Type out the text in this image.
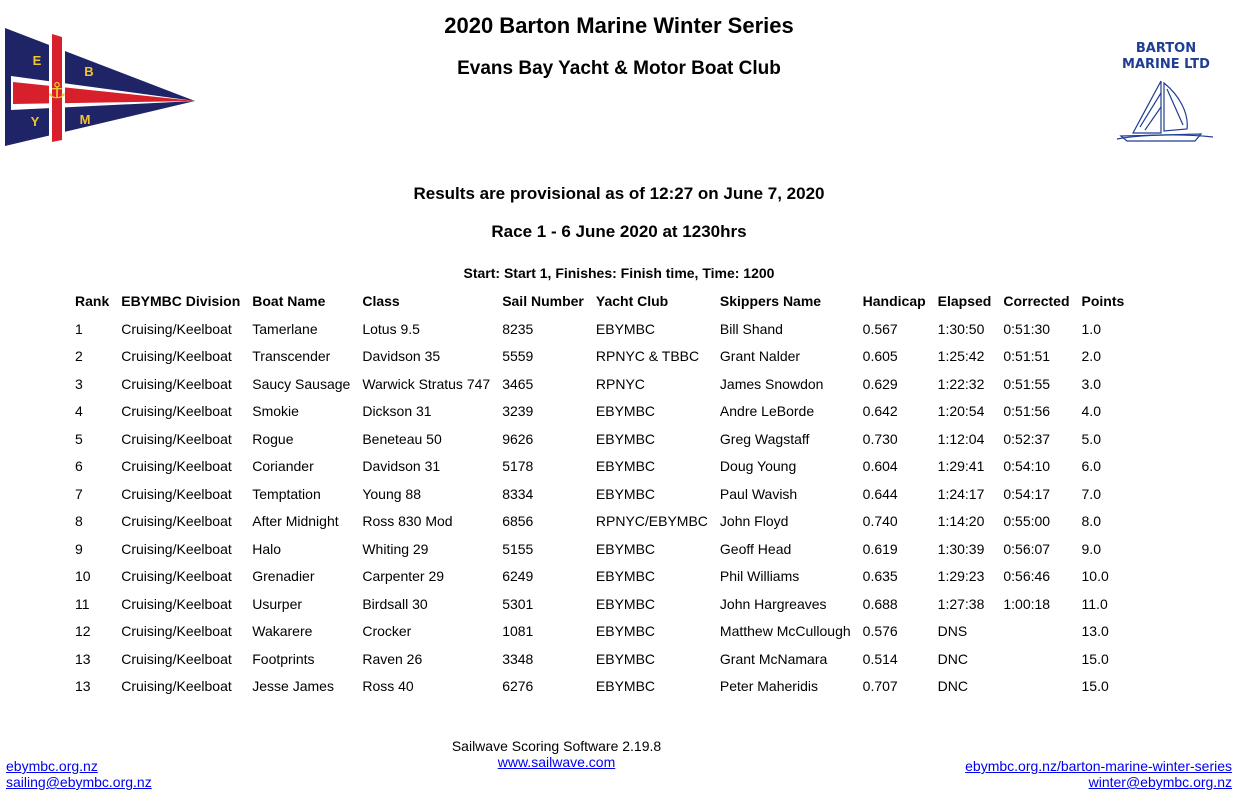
⚓
E
B
Y	M
BARTON
MARINE LTD
2020 Barton Marine Winter Series
Evans Bay Yacht & Motor Boat Club
Results are provisional as of 12:27 on June 7, 2020
Race 1 - 6 June 2020 at 1230hrs
Start: Start 1, Finishes: Finish time, Time: 1200
Rank	EBYMBC Division	Boat Name	Class	Sail Number	Yacht Club	Skippers Name	Handicap	Elapsed	Corrected	Points
1	Cruising/Keelboat	Tamerlane	Lotus 9.5	8235	EBYMBC	Bill Shand	0.567	1:30:50	0:51:30	1.0
2	Cruising/Keelboat	Transcender	Davidson 35	5559	RPNYC & TBBC	Grant Nalder	0.605	1:25:42	0:51:51	2.0
3	Cruising/Keelboat	Saucy Sausage	Warwick Stratus 747	3465	RPNYC	James Snowdon	0.629	1:22:32	0:51:55	3.0
4	Cruising/Keelboat	Smokie	Dickson 31	3239	EBYMBC	Andre LeBorde	0.642	1:20:54	0:51:56	4.0
5	Cruising/Keelboat	Rogue	Beneteau 50	9626	EBYMBC	Greg Wagstaff	0.730	1:12:04	0:52:37	5.0
6	Cruising/Keelboat	Coriander	Davidson 31	5178	EBYMBC	Doug Young	0.604	1:29:41	0:54:10	6.0
7	Cruising/Keelboat	Temptation	Young 88	8334	EBYMBC	Paul Wavish	0.644	1:24:17	0:54:17	7.0
8	Cruising/Keelboat	After Midnight	Ross 830 Mod	6856	RPNYC/EBYMBC	John Floyd	0.740	1:14:20	0:55:00	8.0
9	Cruising/Keelboat	Halo	Whiting 29	5155	EBYMBC	Geoff Head	0.619	1:30:39	0:56:07	9.0
10	Cruising/Keelboat	Grenadier	Carpenter 29	6249	EBYMBC	Phil Williams	0.635	1:29:23	0:56:46	10.0
11	Cruising/Keelboat	Usurper	Birdsall 30	5301	EBYMBC	John Hargreaves	0.688	1:27:38	1:00:18	11.0
12	Cruising/Keelboat	Wakarere	Crocker	1081	EBYMBC	Matthew McCullough	0.576	DNS		13.0
13	Cruising/Keelboat	Footprints	Raven 26	3348	EBYMBC	Grant McNamara	0.514	DNC		15.0
13	Cruising/Keelboat	Jesse James	Ross 40	6276	EBYMBC	Peter Maheridis	0.707	DNC		15.0
Sailwave Scoring Software 2.19.8
www.sailwave.com
ebymbc.org.nz
sailing@ebymbc.org.nz
ebymbc.org.nz/barton-marine-winter-series
winter@ebymbc.org.nz
